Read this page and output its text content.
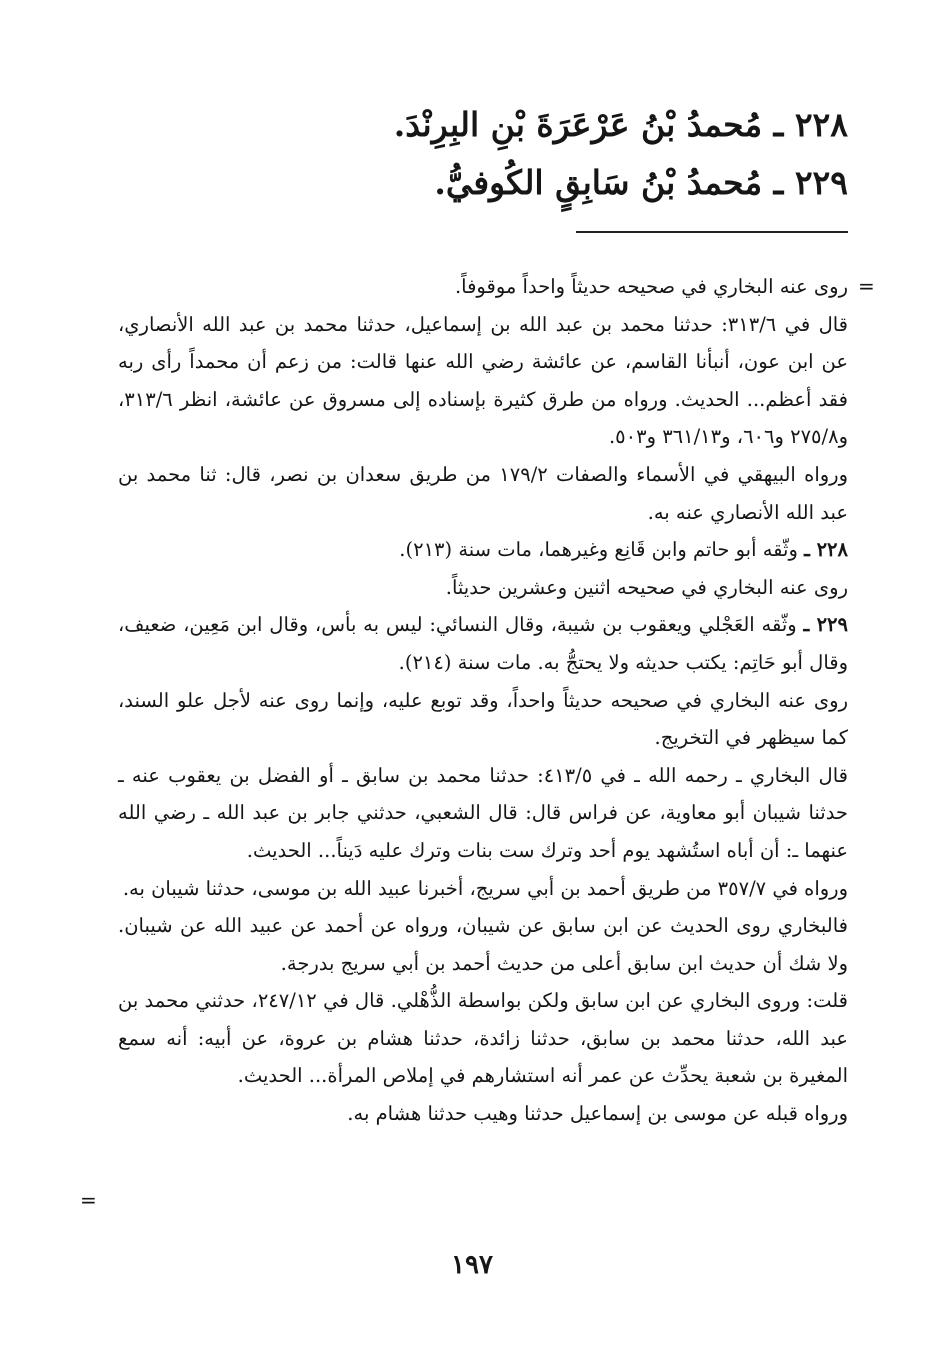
٢٢٨ ـ مُحمدُ بْنُ عَرْعَرَةَ بْنِ البِرِنْدَ.
٢٢٩ ـ مُحمدُ بْنُ سَابِقٍ الكُوفيُّ.
=

روى عنه البخاري في صحيحه حديثاً واحداً موقوفاً.

قال في ٣١٣/٦: حدثنا محمد بن عبد الله بن إسماعيل، حدثنا محمد بن عبد الله الأنصاري، عن ابن عون، أنبأنا القاسم، عن عائشة رضي الله عنها قالت: من زعم أن محمداً رأى ربه فقد أعظم... الحديث. ورواه من طرق كثيرة بإسناده إلى مسروق عن عائشة، انظر ٣١٣/٦، و٢٧٥/٨ و٦٠٦، و٣٦١/١٣ و٥٠٣.

ورواه البيهقي في الأسماء والصفات ١٧٩/٢ من طريق سعدان بن نصر، قال: ثنا محمد بن عبد الله الأنصاري عنه به.

٢٢٨ ـ وثّقه أبو حاتم وابن قَانِع وغيرهما، مات سنة (٢١٣).

روى عنه البخاري في صحيحه اثنين وعشرين حديثاً.

٢٢٩ ـ وثّقه العَجْلي ويعقوب بن شيبة، وقال النسائي: ليس به بأس، وقال ابن مَعِين، ضعيف، وقال أبو حَاتِم: يكتب حديثه ولا يحتجُّ به. مات سنة (٢١٤).

روى عنه البخاري في صحيحه حديثاً واحداً، وقد توبع عليه، وإنما روى عنه لأجل علو السند، كما سيظهر في التخريج.

قال البخاري ـ رحمه الله ـ في ٤١٣/٥: حدثنا محمد بن سابق ـ أو الفضل بن يعقوب عنه ـ حدثنا شيبان أبو معاوية، عن فراس قال: قال الشعبي، حدثني جابر بن عبد الله ـ رضي الله عنهما ـ: أن أباه استُشهد يوم أحد وترك ست بنات وترك عليه دَيناً... الحديث.

ورواه في ٣٥٧/٧ من طريق أحمد بن أبي سريج، أخبرنا عبيد الله بن موسى، حدثنا شيبان به.

فالبخاري روى الحديث عن ابن سابق عن شيبان، ورواه عن أحمد عن عبيد الله عن شيبان. ولا شك أن حديث ابن سابق أعلى من حديث أحمد بن أبي سريج بدرجة.

قلت: وروى البخاري عن ابن سابق ولكن بواسطة الذُّهْلي. قال في ٢٤٧/١٢، حدثني محمد بن عبد الله، حدثنا محمد بن سابق، حدثنا زائدة، حدثنا هشام بن عروة، عن أبيه: أنه سمع المغيرة بن شعبة يحدِّث عن عمر أنه استشارهم في إملاص المرأة... الحديث.

ورواه قبله عن موسى بن إسماعيل حدثنا وهيب حدثنا هشام به.

=
١٩٧
